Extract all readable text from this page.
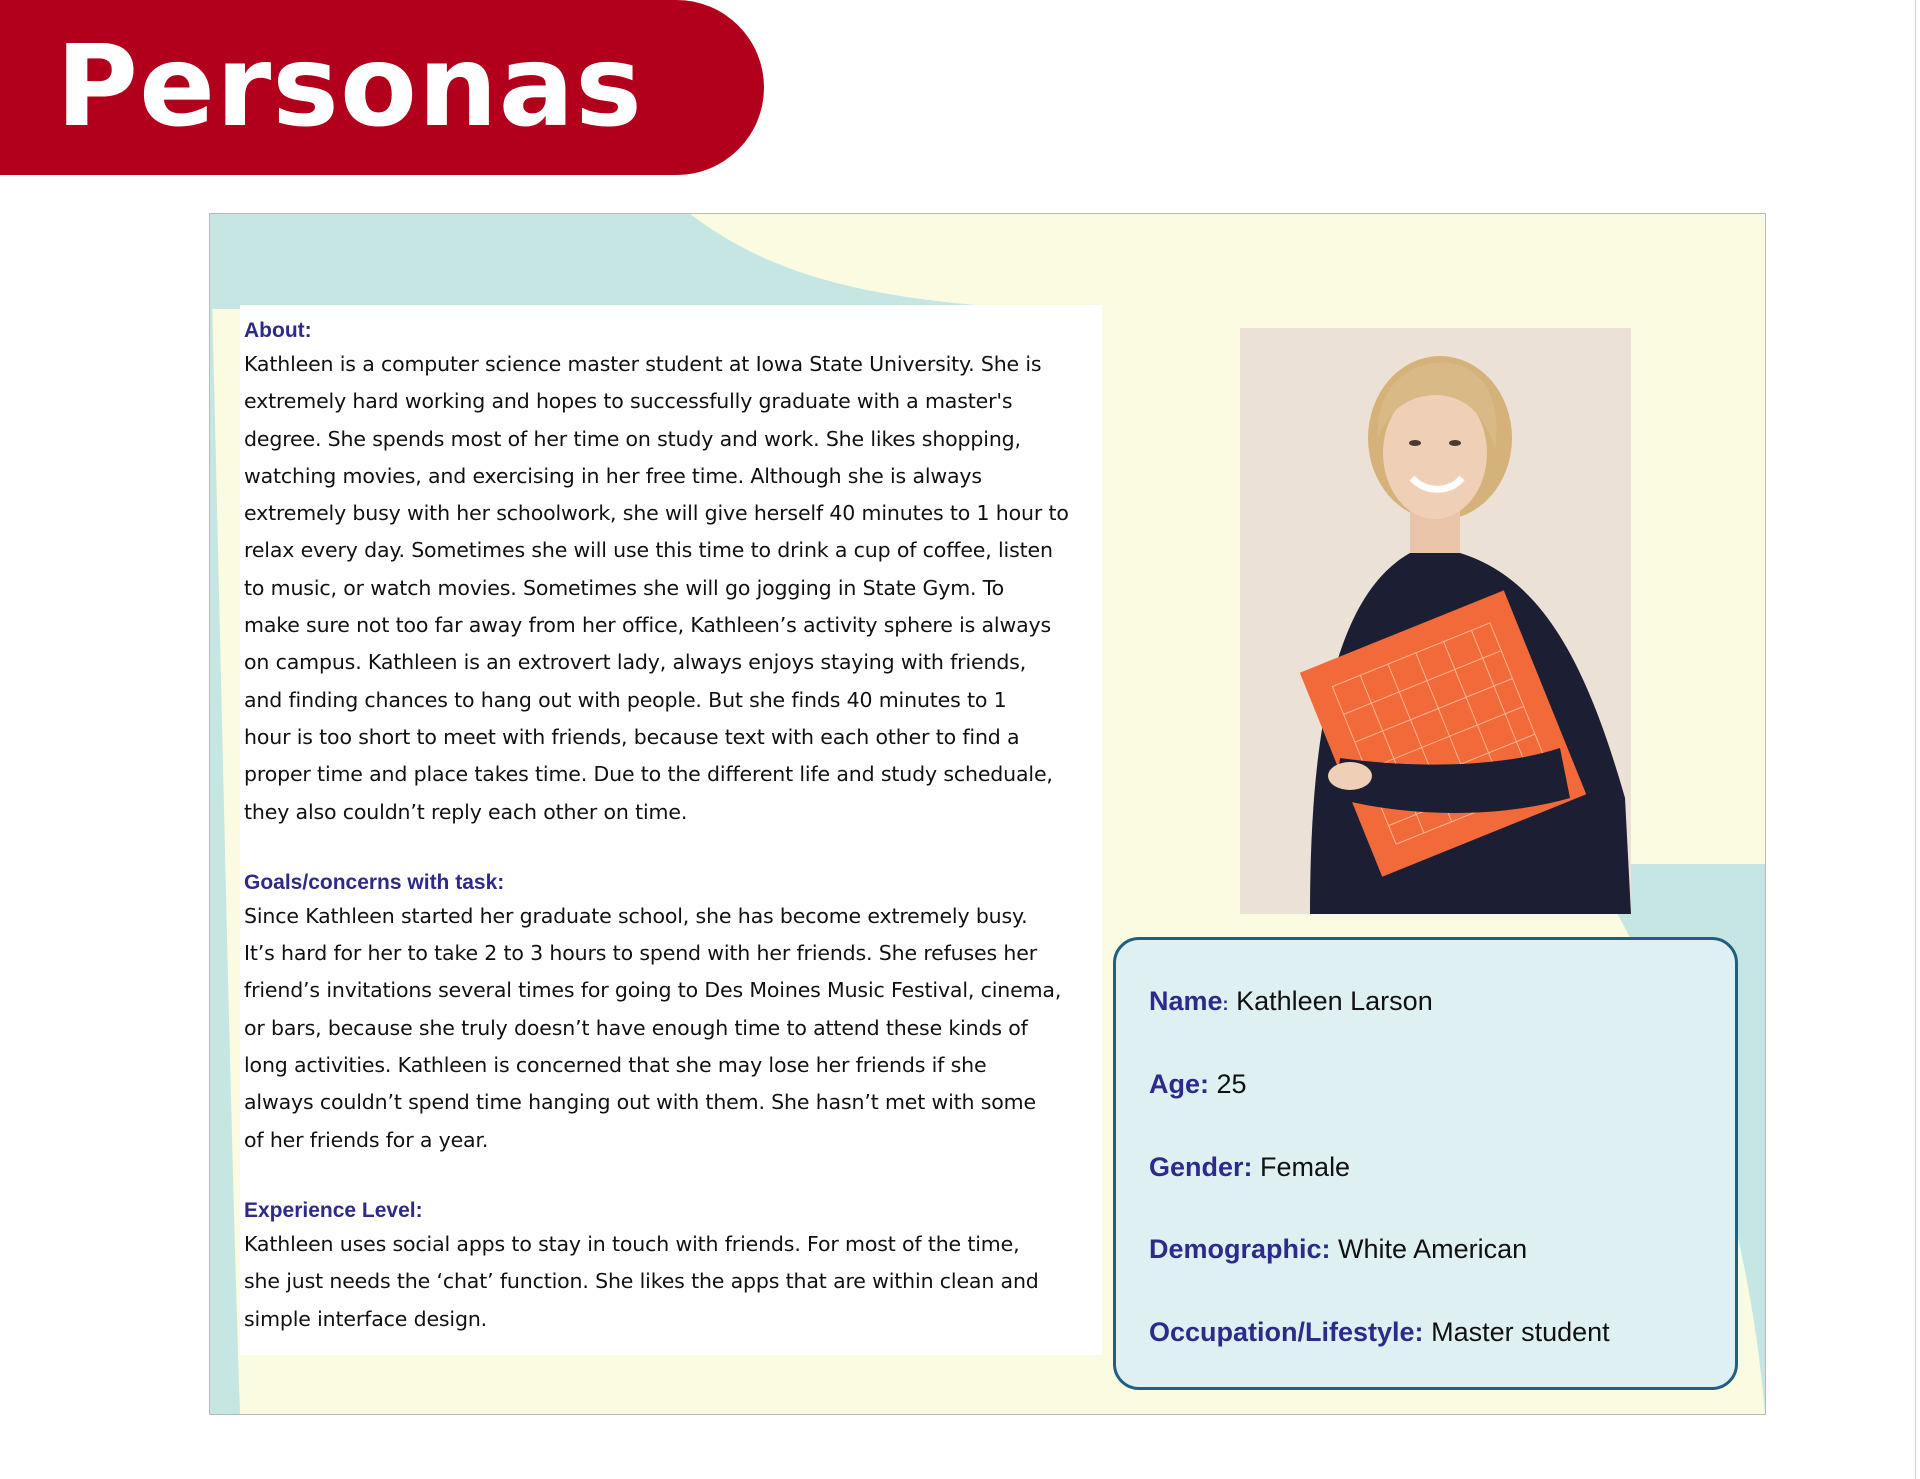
Personas

About:

Kathleen is a computer science master student at Iowa State University. She is

extremely hard working and hopes to successfully graduate with a master's

degree. She spends most of her time on study and work. She likes shopping,

watching movies, and exercising in her free time. Although she is always

extremely busy with her schoolwork, she will give herself 40 minutes to 1 hour to

relax every day. Sometimes she will use this time to drink a cup of coffee, listen

to music, or watch movies. Sometimes she will go jogging in State Gym. To

make sure not too far away from her office, Kathleen’s activity sphere is always

on campus. Kathleen is an extrovert lady, always enjoys staying with friends,

and finding chances to hang out with people. But she finds 40 minutes to 1

hour is too short to meet with friends, because text with each other to find a

proper time and place takes time. Due to the different life and study scheduale,

they also couldn’t reply each other on time.

Goals/concerns with task:

Since Kathleen started her graduate school, she has become extremely busy.

It’s hard for her to take 2 to 3 hours to spend with her friends. She refuses her

friend’s invitations several times for going to Des Moines Music Festival, cinema,

or bars, because she truly doesn’t have enough time to attend these kinds of

long activities. Kathleen is concerned that she may lose her friends if she

always couldn’t spend time hanging out with them. She hasn’t met with some

of her friends for a year.

Experience Level:

Kathleen uses social apps to stay in touch with friends. For most of the time,

she just needs the ‘chat’ function. She likes the apps that are within clean and

simple interface design.

Name: Kathleen Larson
Age: 25
Gender: Female
Demographic: White American
Occupation/Lifestyle: Master student
